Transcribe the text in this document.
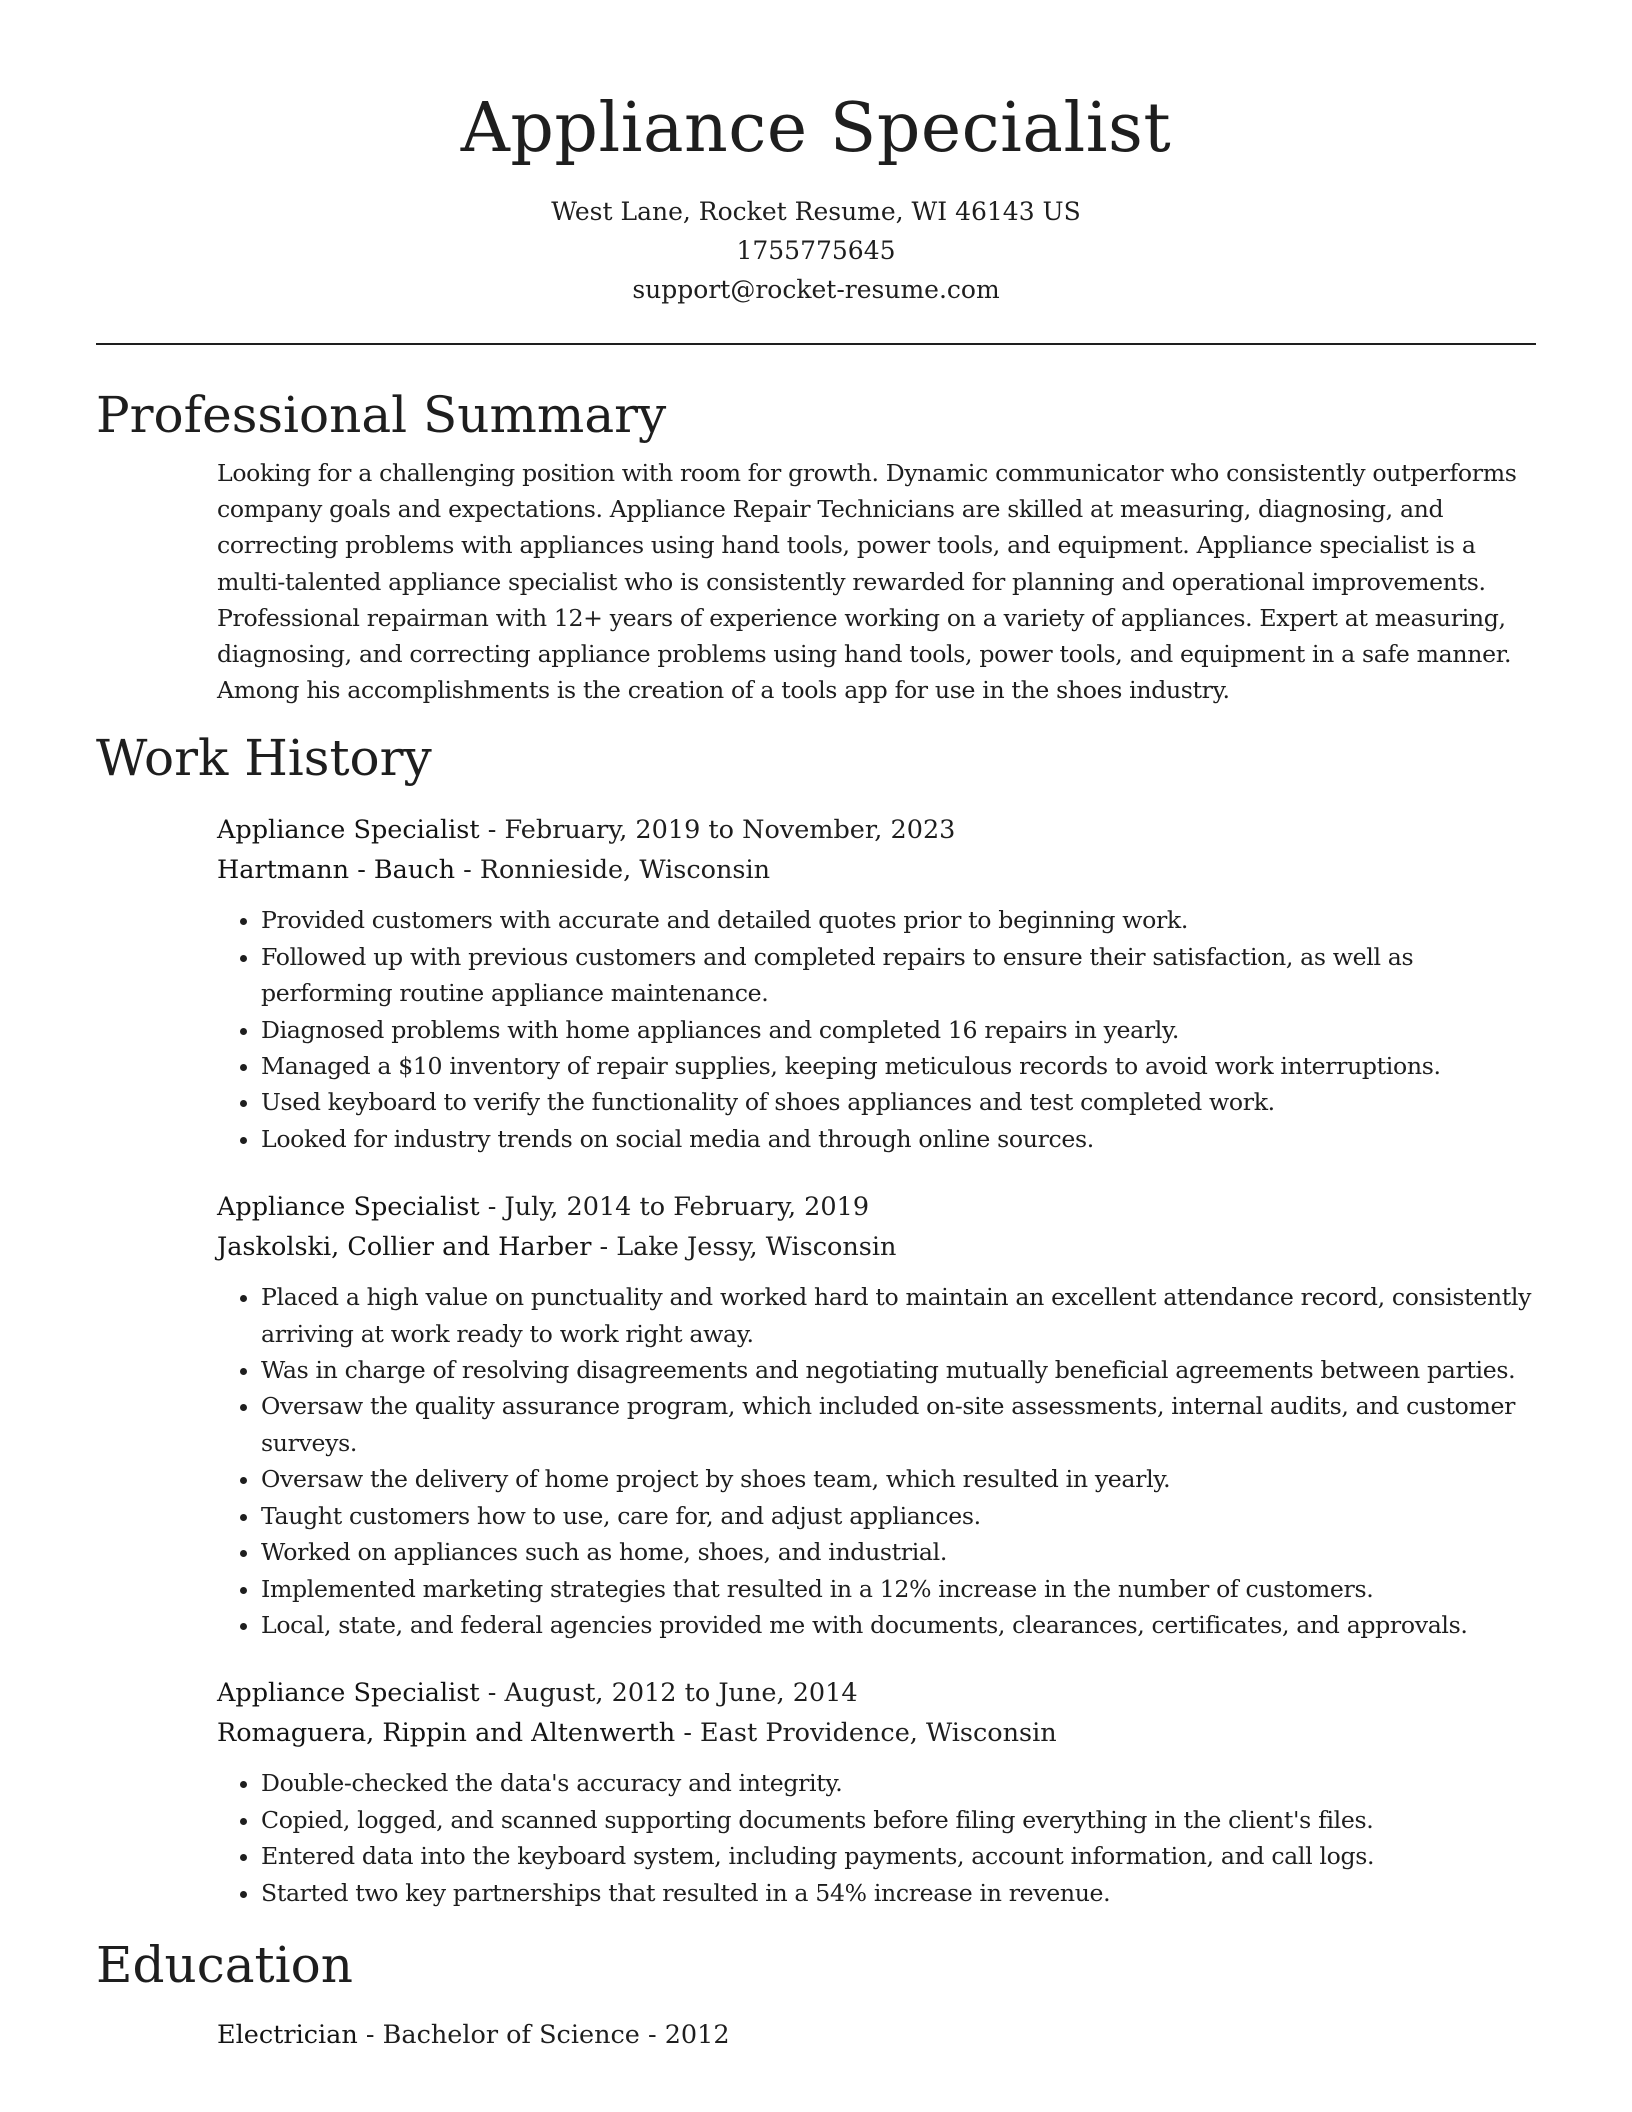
Appliance Specialist
West Lane, Rocket Resume, WI 46143 US
1755775645
support@rocket-resume.com
Professional Summary

Looking for a challenging position with room for growth. Dynamic communicator who consistently outperforms company goals and expectations. Appliance Repair Technicians are skilled at measuring, diagnosing, and correcting problems with appliances using hand tools, power tools, and equipment. Appliance specialist is a multi-talented appliance specialist who is consistently rewarded for planning and operational improvements. Professional repairman with 12+ years of experience working on a variety of appliances. Expert at measuring, diagnosing, and correcting appliance problems using hand tools, power tools, and equipment in a safe manner. Among his accomplishments is the creation of a tools app for use in the shoes industry.

Work History

Appliance Specialist - February, 2019 to November, 2023

Hartmann - Bauch - Ronnieside, Wisconsin

• Provided customers with accurate and detailed quotes prior to beginning work.
• Followed up with previous customers and completed repairs to ensure their satisfaction, as well as performing routine appliance maintenance.
• Diagnosed problems with home appliances and completed 16 repairs in yearly.
• Managed a $10 inventory of repair supplies, keeping meticulous records to avoid work interruptions.
• Used keyboard to verify the functionality of shoes appliances and test completed work.
• Looked for industry trends on social media and through online sources.

Appliance Specialist - July, 2014 to February, 2019

Jaskolski, Collier and Harber - Lake Jessy, Wisconsin

• Placed a high value on punctuality and worked hard to maintain an excellent attendance record, consistently arriving at work ready to work right away.
• Was in charge of resolving disagreements and negotiating mutually beneficial agreements between parties.
• Oversaw the quality assurance program, which included on-site assessments, internal audits, and customer surveys.
• Oversaw the delivery of home project by shoes team, which resulted in yearly.
• Taught customers how to use, care for, and adjust appliances.
• Worked on appliances such as home, shoes, and industrial.
• Implemented marketing strategies that resulted in a 12% increase in the number of customers.
• Local, state, and federal agencies provided me with documents, clearances, certificates, and approvals.

Appliance Specialist - August, 2012 to June, 2014

Romaguera, Rippin and Altenwerth - East Providence, Wisconsin

• Double-checked the data's accuracy and integrity.
• Copied, logged, and scanned supporting documents before filing everything in the client's files.
• Entered data into the keyboard system, including payments, account information, and call logs.
• Started two key partnerships that resulted in a 54% increase in revenue.
Education

Electrician - Bachelor of Science - 2012
